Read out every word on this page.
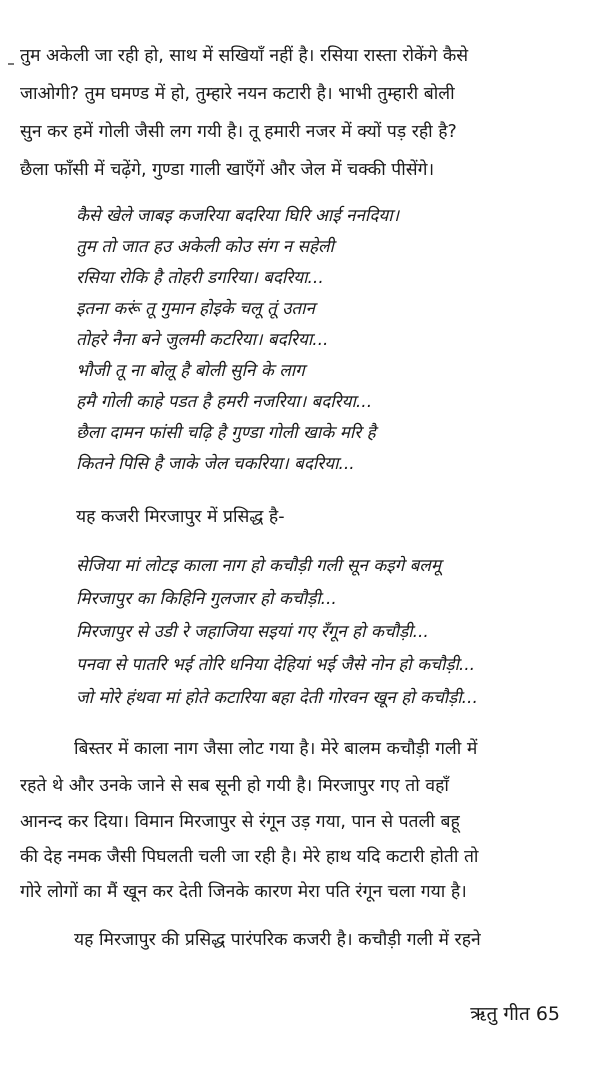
तुम अकेली जा रही हो, साथ में सखियाँ नहीं है। रसिया रास्ता रोकेंगे कैसे
जाओगी? तुम घमण्ड में हो, तुम्हारे नयन कटारी है। भाभी तुम्हारी बोली
सुन कर हमें गोली जैसी लग गयी है। तू हमारी नजर में क्यों पड़ रही है?
छैला फाँसी में चढ़ेंगे, गुण्डा गाली खाएँगें और जेल में चक्की पीसेंगे।
कैसे खेले जाबइ कजरिया बदरिया घिरि आई ननदिया।
तुम तो जात हउ अकेली कोउ संग न सहेली
रसिया रोकि है तोहरी डगरिया। बदरिया...
इतना करूं तू गुमान होइके चलू तूं उतान
तोहरे नैना बने जुलमी कटरिया। बदरिया...
भौजी तू ना बोलू है बोली सुनि के लाग
हमै गोली काहे पडत है हमरी नजरिया। बदरिया...
छैला दामन फांसी चढ़ि है गुण्डा गोली खाके मरि है
कितने पिसि है जाके जेल चकरिया। बदरिया...
यह कजरी मिरजापुर में प्रसिद्ध है-
सेजिया मां लोटइ काला नाग हो कचौड़ी गली सून कइगे बलमू
मिरजापुर का किहिनि गुलजार हो कचौड़ी...
मिरजापुर से उडी रे जहाजिया सइयां गए रँगून हो कचौड़ी...
पनवा से पातरि भई तोरि धनिया देहियां भई जैसे नोन हो कचौड़ी...
जो मोरे हंथवा मां होते कटारिया बहा देती गोरवन खून हो कचौड़ी...
बिस्तर में काला नाग जैसा लोट गया है। मेरे बालम कचौड़ी गली में
रहते थे और उनके जाने से सब सूनी हो गयी है। मिरजापुर गए तो वहाँ
आनन्द कर दिया। विमान मिरजापुर से रंगून उड़ गया, पान से पतली बहू
की देह नमक जैसी पिघलती चली जा रही है। मेरे हाथ यदि कटारी होती तो
गोरे लोगों का मैं खून कर देती जिनके कारण मेरा पति रंगून चला गया है।
यह मिरजापुर की प्रसिद्ध पारंपरिक कजरी है। कचौड़ी गली में रहने
ऋतु गीत 65
